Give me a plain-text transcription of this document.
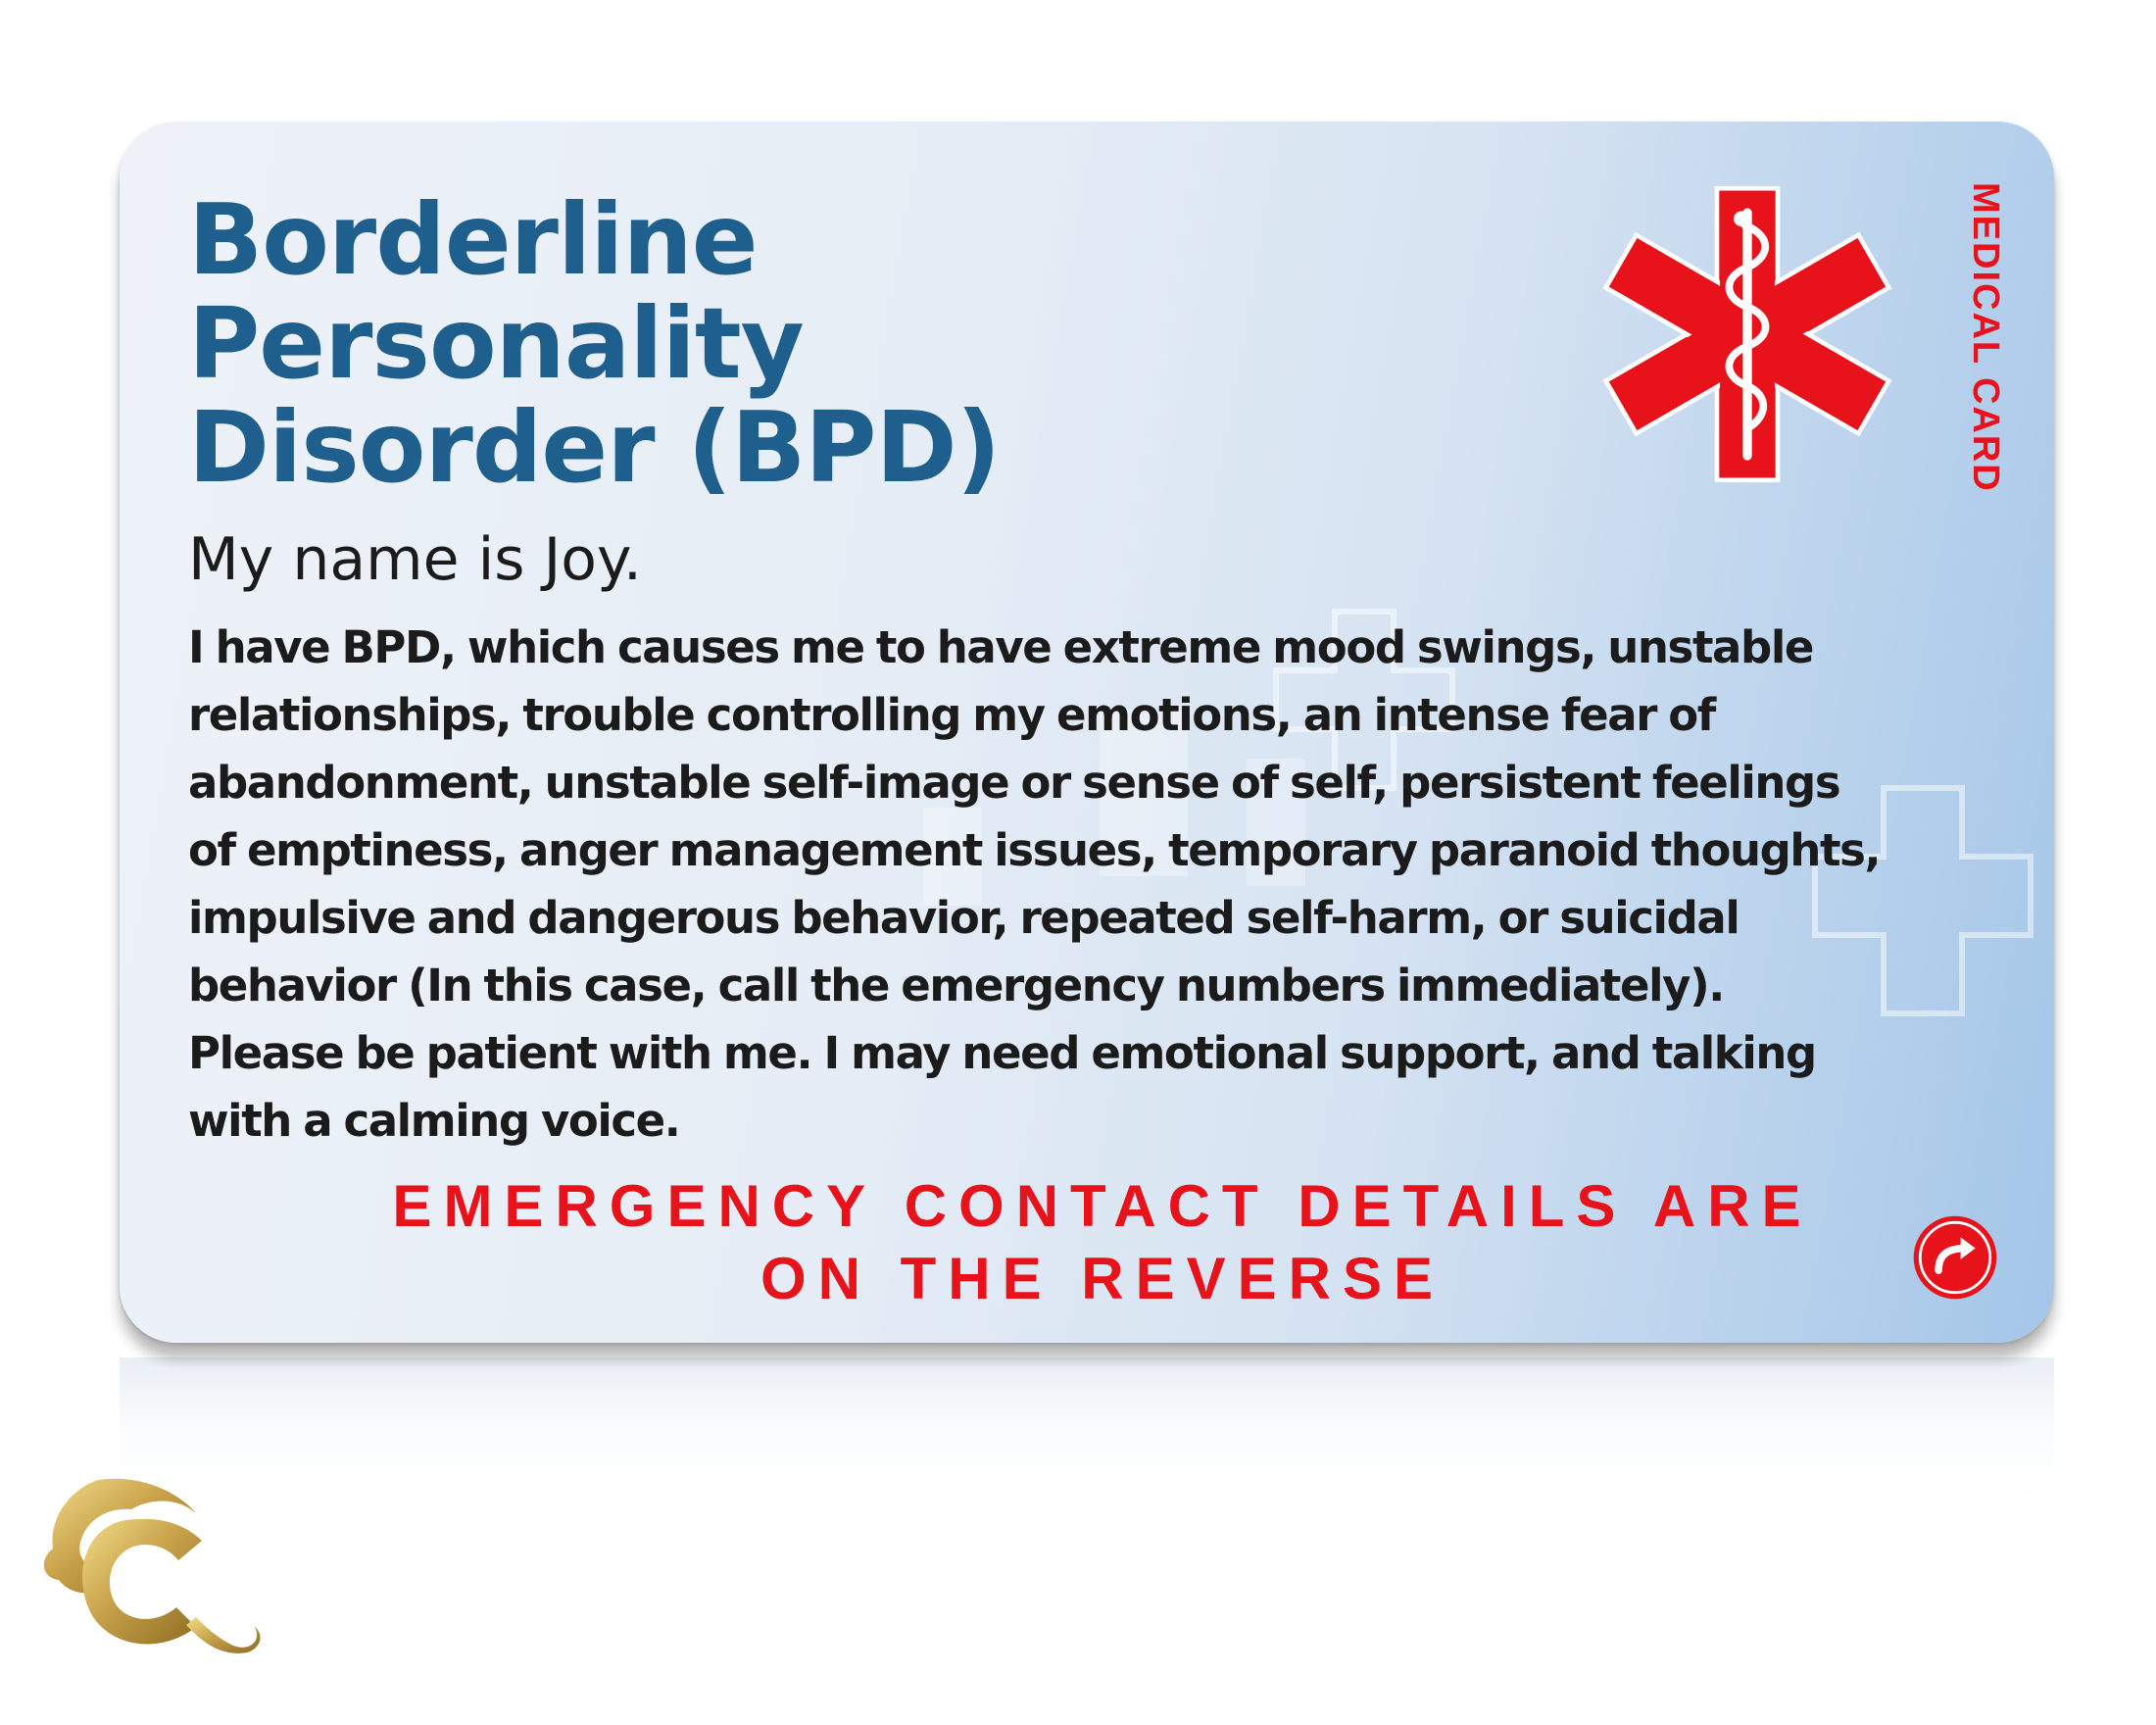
Borderline
Personality
Disorder (BPD)	MEDICAL CARD

My name is Joy.

I have BPD, which causes me to have extreme mood swings, unstable
relationships, trouble controlling my emotions, an intense fear of
abandonment, unstable self-image or sense of self, persistent feelings
of emptiness, anger management issues, temporary paranoid thoughts,
impulsive and dangerous behavior, repeated self-harm, or suicidal
behavior (In this case, call the emergency numbers immediately).
Please be patient with me. I may need emotional support, and talking
with a calming voice.

EMERGENCY CONTACT DETAILS ARE
ON THE REVERSE
